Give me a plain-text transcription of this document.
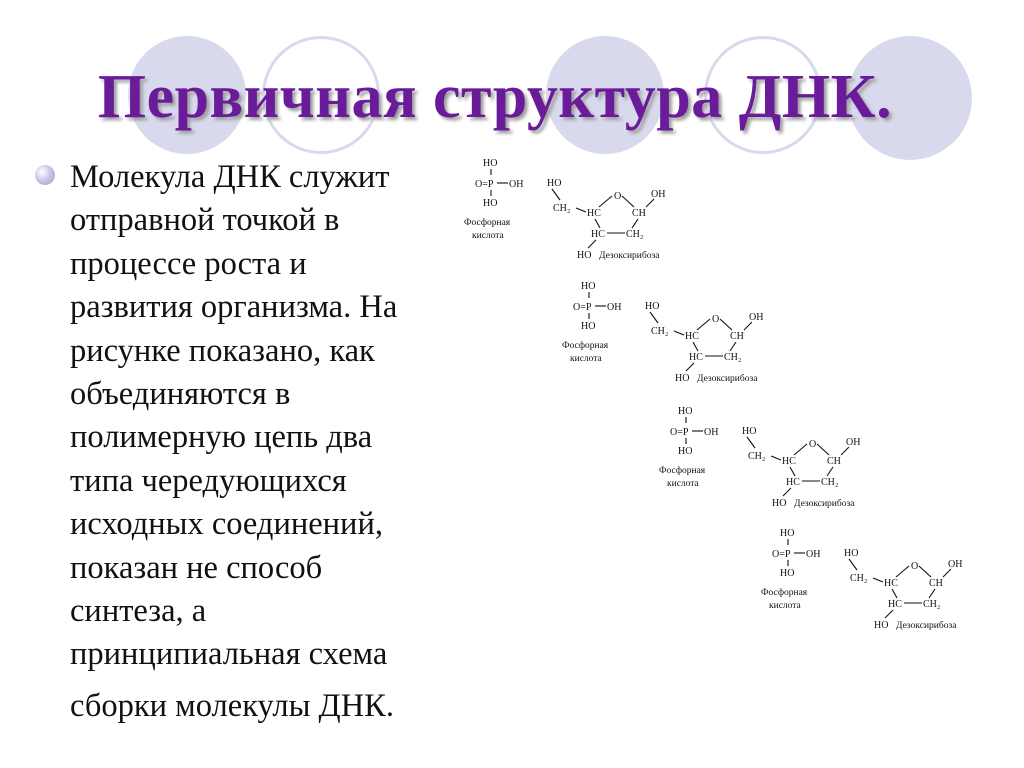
Первичная структура ДНК.
Молекула ДНК служит
отправной точкой в
процессе роста и
развития организма. На
рисунке показано, как
объединяются в
полимерную цепь два
типа чередующихся
исходных соединений,
показан не способ
синтеза, а
принципиальная схема
сборки молекулы ДНК.
HO
O=P OH
HO
Фосфорная
кислота
HO
CH₂ HC
O	OH
CH
HC CH₂
HO Дезоксирибоза
HO
O=P OH
HO
Фосфорная
кислота
HO
CH₂ HC
O	OH
CH
HC CH₂
HO Дезоксирибоза
HO
O=P OH
HO
Фосфорная
кислота
HO
CH₂ HC
O	OH
CH
HC CH₂
HO Дезоксирибоза
HO
O=P OH
HO
Фосфорная
кислота
HO
CH₂ HC
O	OH
CH
HC CH₂
HO Дезоксирибоза
